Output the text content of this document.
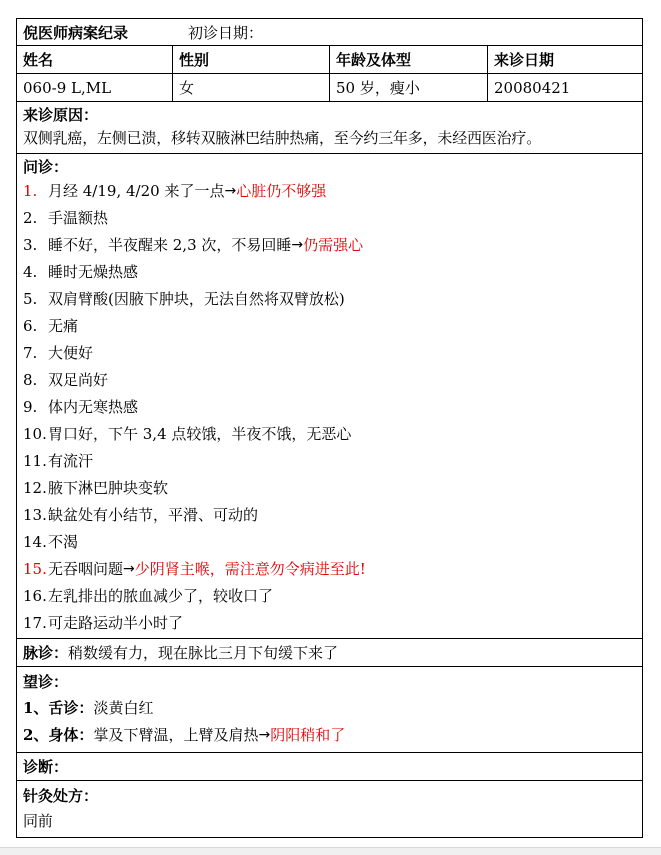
倪医师病案纪录	初诊日期：
姓名	性别	年龄及体型	来诊日期
060-9 L,ML	女	50 岁，瘦小	20080421
来诊原因：
双侧乳癌，左侧已溃，移转双腋淋巴结肿热痛，至今约三年多，未经西医治疗。
问诊：
1. 月经 4/19, 4/20 来了一点 → 心脏仍不够强
2. 手温额热
3. 睡不好，半夜醒来 2,3 次，不易回睡 → 仍需强心
4. 睡时无燥热感
5. 双肩臂酸(因腋下肿块，无法自然将双臂放松)
6. 无痛
7. 大便好
8. 双足尚好
9. 体内无寒热感
10. 胃口好，下午 3,4 点较饿，半夜不饿，无恶心
11. 有流汗
12. 腋下淋巴肿块变软
13. 缺盆处有小结节，平滑、可动的
14. 不渴
15. 无吞咽问题 → 少阴肾主喉，需注意勿令病进至此!
16. 左乳排出的脓血减少了，较收口了
17. 可走路运动半小时了
脉诊： 稍数缓有力，现在脉比三月下旬缓下来了
望诊：
1、舌诊： 淡黄白红
2、身体： 掌及下臂温，上臂及肩热 → 阴阳稍和了
诊断：
针灸处方：
同前
